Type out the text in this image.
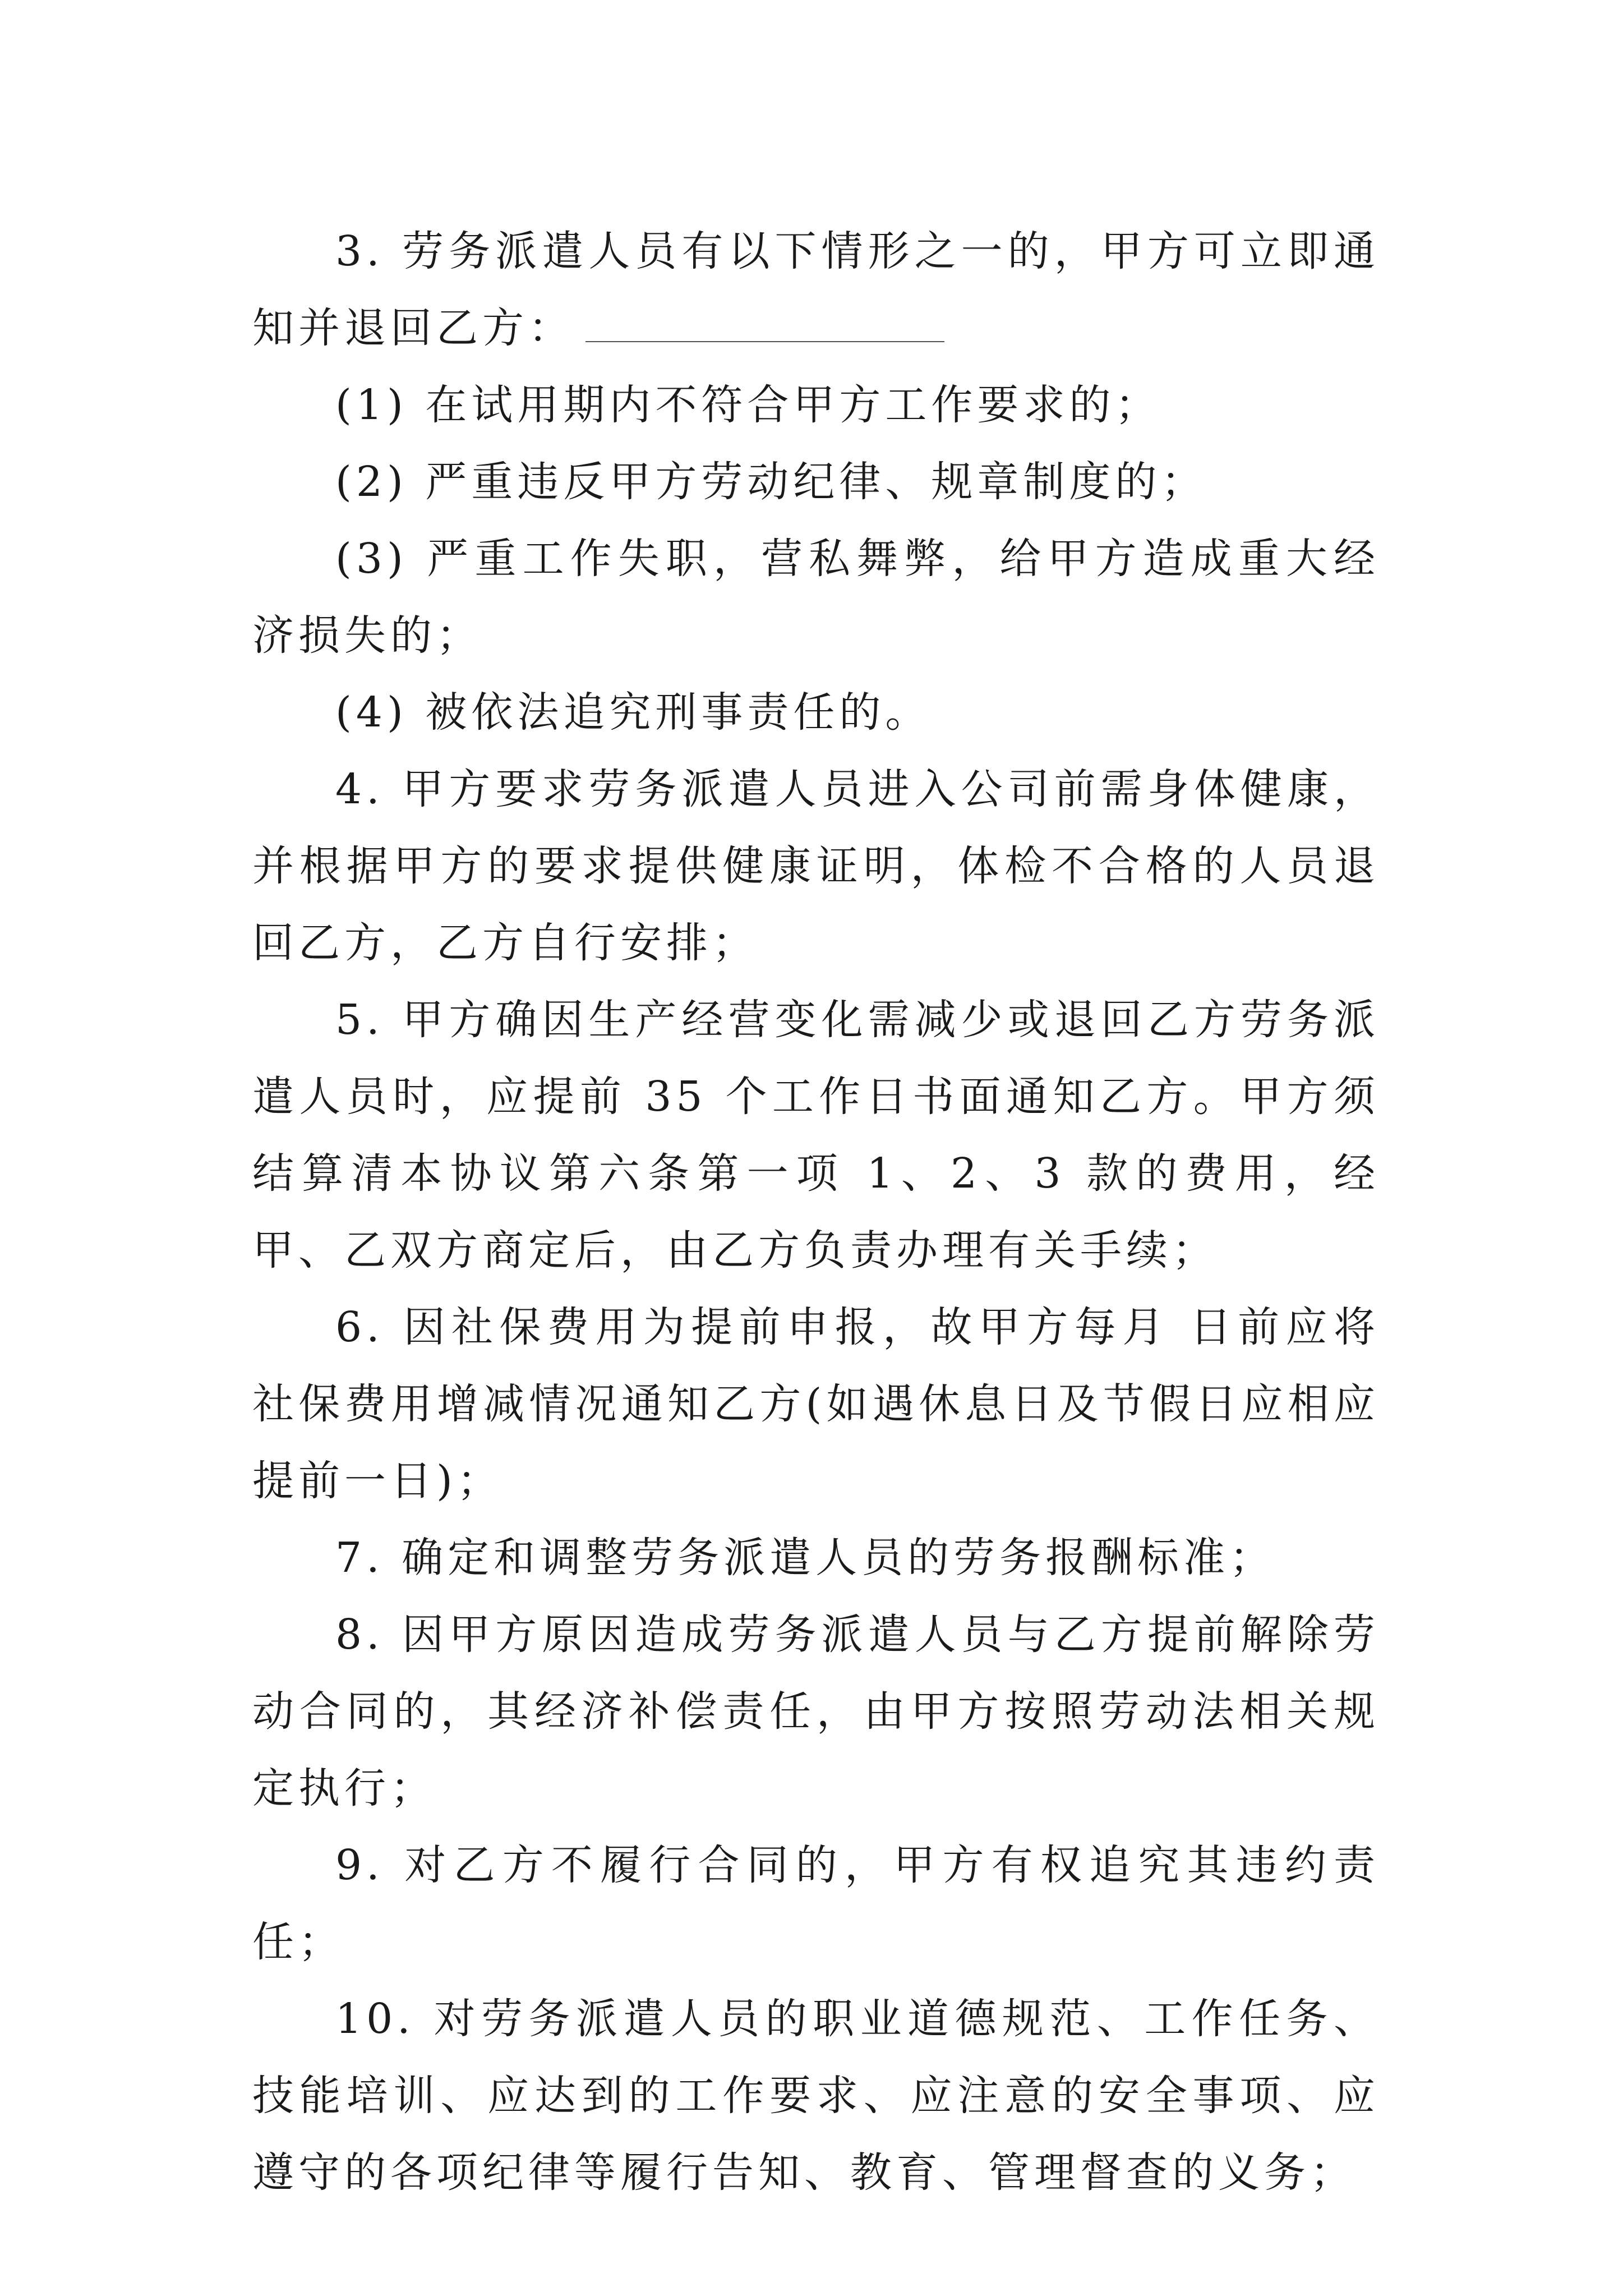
3. 劳务派遣人员有以下情形之一的，甲方可立即通知并退回乙方：

(1) 在试用期内不符合甲方工作要求的；

(2) 严重违反甲方劳动纪律、规章制度的；

(3) 严重工作失职，营私舞弊，给甲方造成重大经济损失的；

(4) 被依法追究刑事责任的。

4. 甲方要求劳务派遣人员进入公司前需身体健康，并根据甲方的要求提供健康证明，体检不合格的人员退回乙方，乙方自行安排；

5. 甲方确因生产经营变化需减少或退回乙方劳务派遣人员时，应提前 35 个工作日书面通知乙方。甲方须结算清本协议第六条第一项 1、2、3 款的费用，经甲、乙双方商定后，由乙方负责办理有关手续；

6. 因社保费用为提前申报，故甲方每月 日前应将社保费用增减情况通知乙方(如遇休息日及节假日应相应提前一日)；

7. 确定和调整劳务派遣人员的劳务报酬标准；

8. 因甲方原因造成劳务派遣人员与乙方提前解除劳动合同的，其经济补偿责任，由甲方按照劳动法相关规定执行；

9. 对乙方不履行合同的，甲方有权追究其违约责任；

10. 对劳务派遣人员的职业道德规范、工作任务、技能培训、应达到的工作要求、应注意的安全事项、应遵守的各项纪律等履行告知、教育、管理督查的义务；
